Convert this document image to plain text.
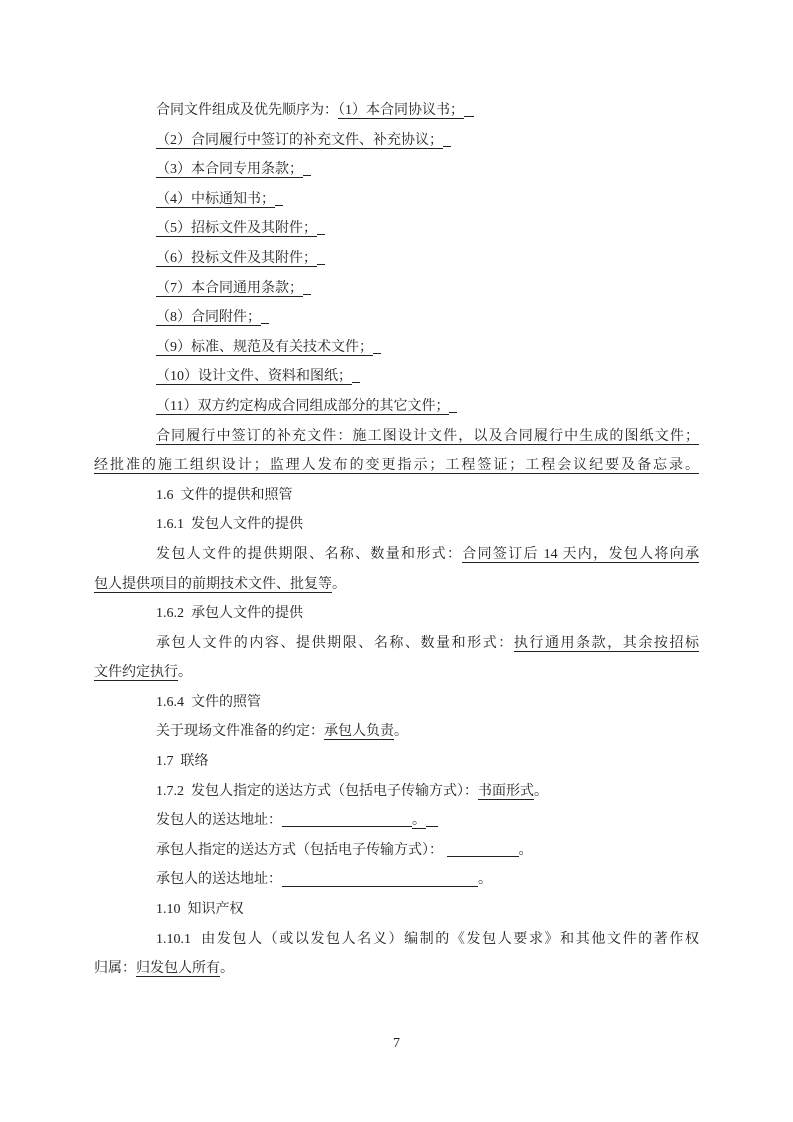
合同文件组成及优先顺序为：（1）本合同协议书；
（2）合同履行中签订的补充文件、补充协议；
（3）本合同专用条款；
（4）中标通知书；
（5）招标文件及其附件；
（6）投标文件及其附件；
（7）本合同通用条款；
（8）合同附件；
（9）标准、规范及有关技术文件；
（10）设计文件、资料和图纸；
（11）双方约定构成合同组成部分的其它文件；
合同履行中签订的补充文件：施工图设计文件，以及合同履行中生成的图纸文件；
经批准的施工组织设计；监理人发布的变更指示；工程签证；工程会议纪要及备忘录。
1.6  文件的提供和照管
1.6.1  发包人文件的提供
发包人文件的提供期限、名称、数量和形式：合同签订后 14 天内，发包人将向承
包人提供项目的前期技术文件、批复等。
1.6.2  承包人文件的提供
承包人文件的内容、提供期限、名称、数量和形式：执行通用条款，其余按招标
文件约定执行。
1.6.4  文件的照管
关于现场文件准备的约定：承包人负责。
1.7  联络
1.7.2  发包人指定的送达方式（包括电子传输方式）：书面形式。
发包人的送达地址：	。
承包人指定的送达方式（包括电子传输方式）：	。
承包人的送达地址：	。
1.10  知识产权
1.10.1  由发包人（或以发包人名义）编制的《发包人要求》和其他文件的著作权
归属：归发包人所有。
7
